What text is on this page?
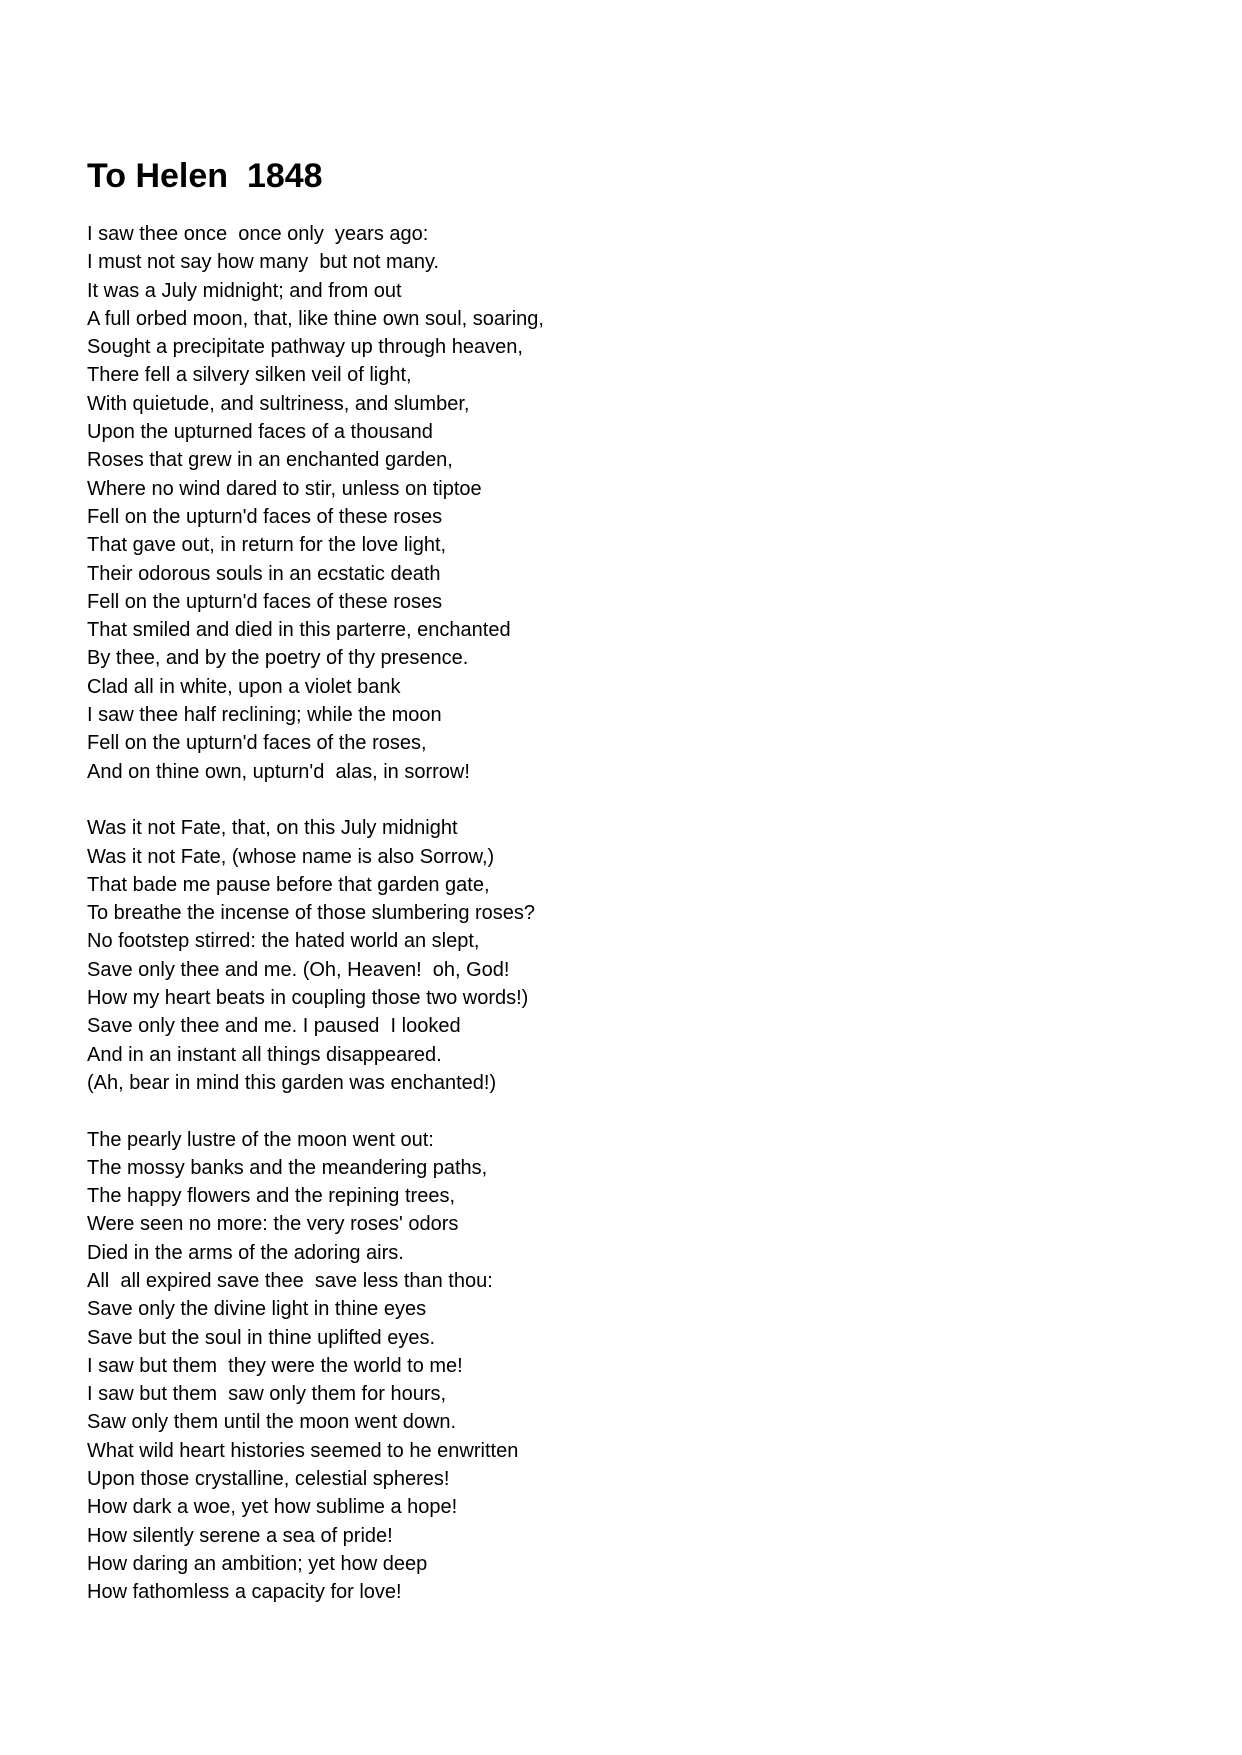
To Helen  1848
I saw thee once  once only  years ago:
I must not say how many  but not many.
It was a July midnight; and from out
A full orbed moon, that, like thine own soul, soaring,
Sought a precipitate pathway up through heaven,
There fell a silvery silken veil of light,
With quietude, and sultriness, and slumber,
Upon the upturned faces of a thousand
Roses that grew in an enchanted garden,
Where no wind dared to stir, unless on tiptoe
Fell on the upturn'd faces of these roses
That gave out, in return for the love light,
Their odorous souls in an ecstatic death
Fell on the upturn'd faces of these roses
That smiled and died in this parterre, enchanted
By thee, and by the poetry of thy presence.
Clad all in white, upon a violet bank
I saw thee half reclining; while the moon
Fell on the upturn'd faces of the roses,
And on thine own, upturn'd  alas, in sorrow!
Was it not Fate, that, on this July midnight
Was it not Fate, (whose name is also Sorrow,)
That bade me pause before that garden gate,
To breathe the incense of those slumbering roses?
No footstep stirred: the hated world an slept,
Save only thee and me. (Oh, Heaven!  oh, God!
How my heart beats in coupling those two words!)
Save only thee and me. I paused  I looked
And in an instant all things disappeared.
(Ah, bear in mind this garden was enchanted!)
The pearly lustre of the moon went out:
The mossy banks and the meandering paths,
The happy flowers and the repining trees,
Were seen no more: the very roses' odors
Died in the arms of the adoring airs.
All  all expired save thee  save less than thou:
Save only the divine light in thine eyes
Save but the soul in thine uplifted eyes.
I saw but them  they were the world to me!
I saw but them  saw only them for hours,
Saw only them until the moon went down.
What wild heart histories seemed to he enwritten
Upon those crystalline, celestial spheres!
How dark a woe, yet how sublime a hope!
How silently serene a sea of pride!
How daring an ambition; yet how deep
How fathomless a capacity for love!
